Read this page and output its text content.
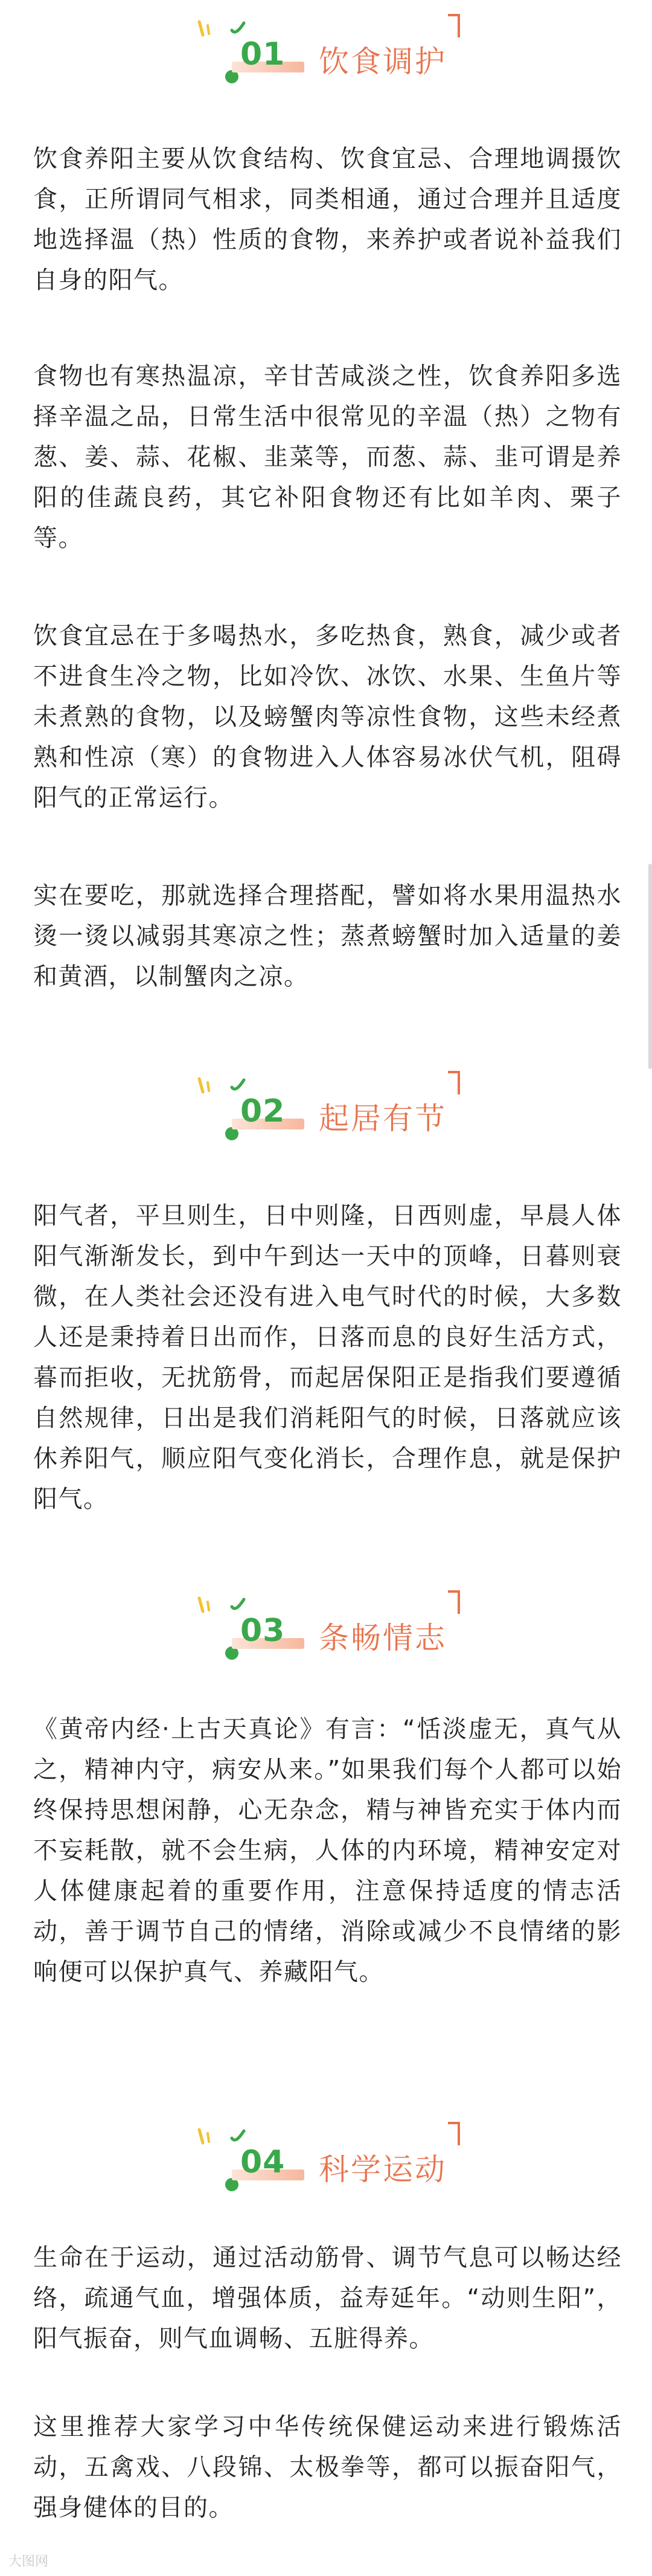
01 饮食调护

饮食养阳主要从饮食结构、饮食宜忌、合理地调摄饮食，正所谓同气相求，同类相通，通过合理并且适度地选择温（热）性质的食物，来养护或者说补益我们自身的阳气。

食物也有寒热温凉，辛甘苦咸淡之性，饮食养阳多选择辛温之品，日常生活中很常见的辛温（热）之物有葱、姜、蒜、花椒、韭菜等，而葱、蒜、韭可谓是养阳的佳蔬良药，其它补阳食物还有比如羊肉、栗子等。

饮食宜忌在于多喝热水，多吃热食，熟食，减少或者不进食生冷之物，比如冷饮、冰饮、水果、生鱼片等未煮熟的食物，以及螃蟹肉等凉性食物，这些未经煮熟和性凉（寒）的食物进入人体容易冰伏气机，阻碍阳气的正常运行。

实在要吃，那就选择合理搭配，譬如将水果用温热水烫一烫以减弱其寒凉之性；蒸煮螃蟹时加入适量的姜和黄酒，以制蟹肉之凉。

02 起居有节

阳气者，平旦则生，日中则隆，日西则虚，早晨人体阳气渐渐发长，到中午到达一天中的顶峰，日暮则衰微，在人类社会还没有进入电气时代的时候，大多数人还是秉持着日出而作，日落而息的良好生活方式，暮而拒收，无扰筋骨，而起居保阳正是指我们要遵循自然规律，日出是我们消耗阳气的时候，日落就应该休养阳气，顺应阳气变化消长，合理作息，就是保护阳气。

03 条畅情志

《黄帝内经·上古天真论》有言：“恬淡虚无，真气从之，精神内守，病安从来。”如果我们每个人都可以始终保持思想闲静，心无杂念，精与神皆充实于体内而不妄耗散，就不会生病，人体的内环境，精神安定对人体健康起着的重要作用，注意保持适度的情志活动，善于调节自己的情绪，消除或减少不良情绪的影响便可以保护真气、养藏阳气。

04 科学运动

生命在于运动，通过活动筋骨、调节气息可以畅达经络，疏通气血，增强体质，益寿延年。“动则生阳”，阳气振奋，则气血调畅、五脏得养。

这里推荐大家学习中华传统保健运动来进行锻炼活动，五禽戏、八段锦、太极拳等，都可以振奋阳气，强身健体的目的。

大图网
